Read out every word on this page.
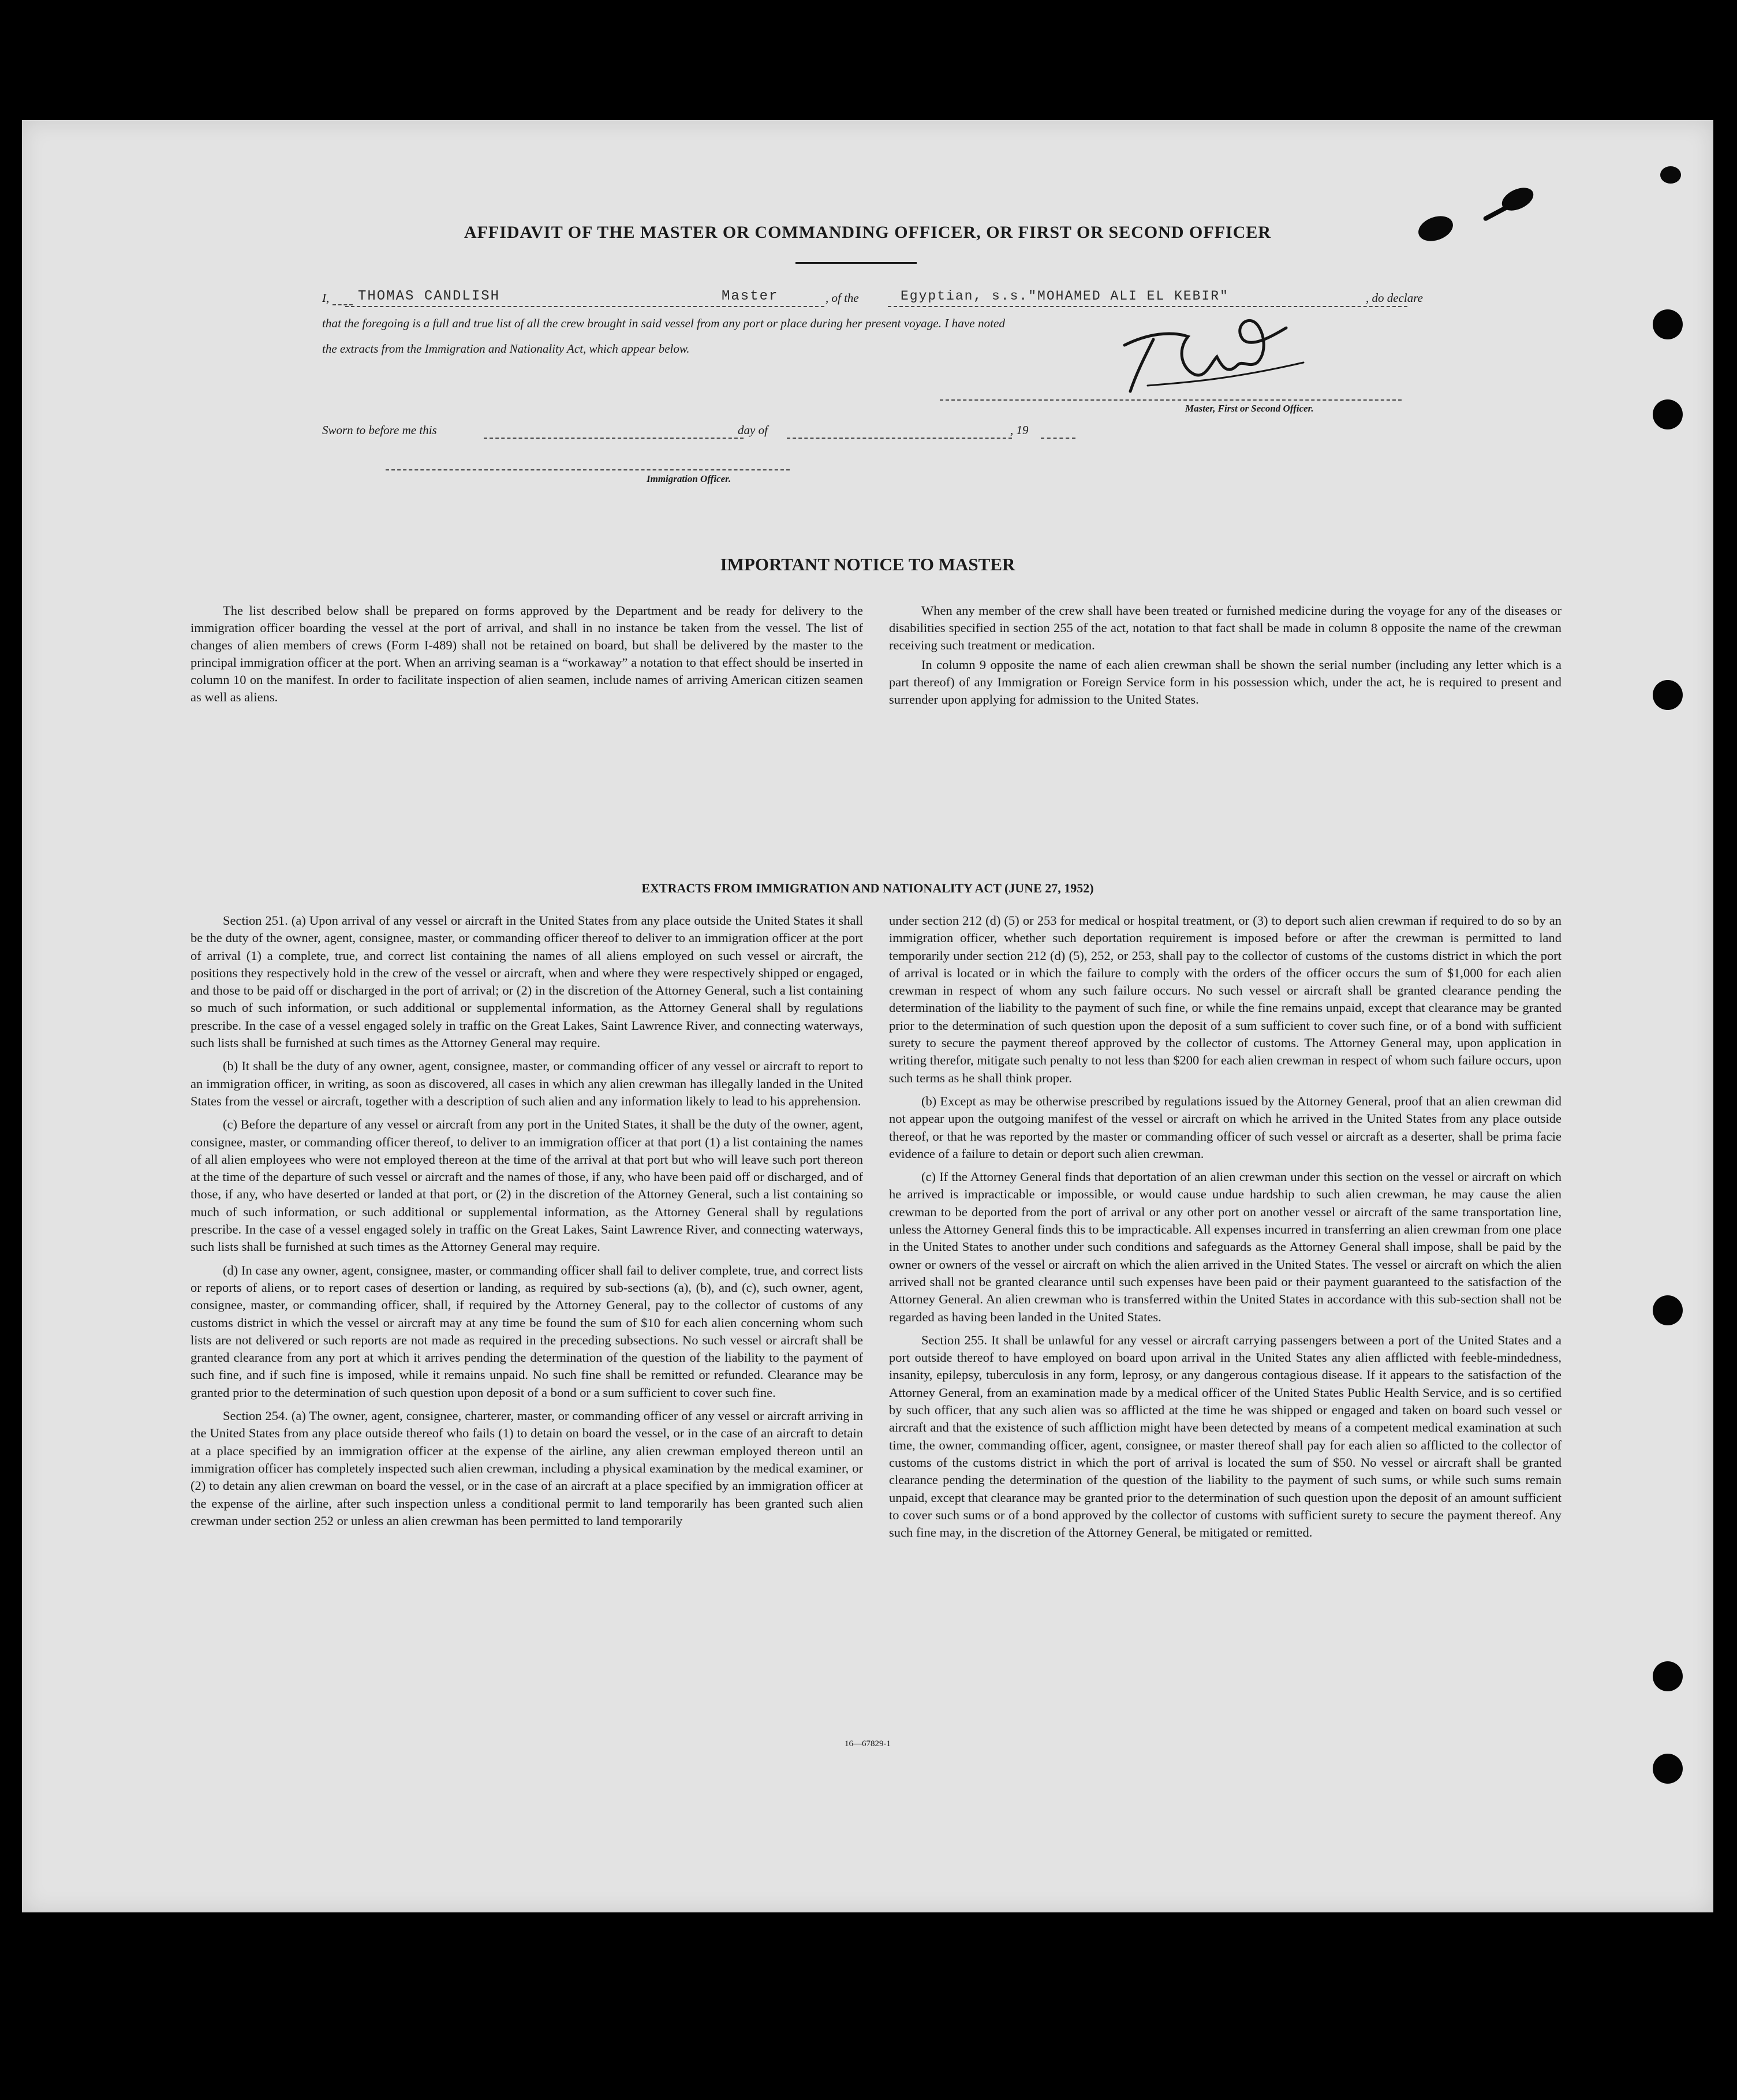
AFFIDAVIT OF THE MASTER OR COMMANDING OFFICER, OR FIRST OR SECOND OFFICER
I,	THOMAS CANDLISH	Master	, of the	Egyptian, s.s."MOHAMED ALI EL KEBIR"	, do declare
that the foregoing is a full and true list of all the crew brought in said vessel from any port or place during her present voyage. I have noted
the extracts from the Immigration and Nationality Act, which appear below.
Master, First or Second Officer.
Sworn to before me this	day of	, 19
Immigration Officer.
IMPORTANT NOTICE TO MASTER

The list described below shall be prepared on forms approved by the Department and be ready for delivery to the immigration officer boarding the vessel at the port of arrival, and shall in no instance be taken from the vessel. The list of changes of alien members of crews (Form I-489) shall not be retained on board, but shall be delivered by the master to the principal immigration officer at the port. When an arriving seaman is a “workaway” a notation to that effect should be inserted in column 10 on the manifest. In order to facilitate inspection of alien seamen, include names of arriving American citizen seamen as well as aliens.

When any member of the crew shall have been treated or furnished medicine during the voyage for any of the diseases or disabilities specified in section 255 of the act, notation to that fact shall be made in column 8 opposite the name of the crewman receiving such treatment or medication.

In column 9 opposite the name of each alien crewman shall be shown the serial number (including any letter which is a part thereof) of any Immigration or Foreign Service form in his possession which, under the act, he is required to present and surrender upon applying for admission to the United States.

EXTRACTS FROM IMMIGRATION AND NATIONALITY ACT (JUNE 27, 1952)

Section 251. (a) Upon arrival of any vessel or aircraft in the United States from any place outside the United States it shall be the duty of the owner, agent, consignee, master, or commanding officer thereof to deliver to an immigration officer at the port of arrival (1) a complete, true, and correct list containing the names of all aliens employed on such vessel or aircraft, the positions they respectively hold in the crew of the vessel or aircraft, when and where they were respectively shipped or engaged, and those to be paid off or discharged in the port of arrival; or (2) in the discretion of the Attorney General, such a list containing so much of such information, or such additional or supplemental information, as the Attorney General shall by regulations prescribe. In the case of a vessel engaged solely in traffic on the Great Lakes, Saint Lawrence River, and connecting waterways, such lists shall be furnished at such times as the Attorney General may require.

(b) It shall be the duty of any owner, agent, consignee, master, or commanding officer of any vessel or aircraft to report to an immigration officer, in writing, as soon as discovered, all cases in which any alien crewman has illegally landed in the United States from the vessel or aircraft, together with a description of such alien and any information likely to lead to his apprehension.

(c) Before the departure of any vessel or aircraft from any port in the United States, it shall be the duty of the owner, agent, consignee, master, or commanding officer thereof, to deliver to an immigration officer at that port (1) a list containing the names of all alien employees who were not employed thereon at the time of the arrival at that port but who will leave such port thereon at the time of the departure of such vessel or aircraft and the names of those, if any, who have been paid off or discharged, and of those, if any, who have deserted or landed at that port, or (2) in the discretion of the Attorney General, such a list containing so much of such information, or such additional or supplemental information, as the Attorney General shall by regulations prescribe. In the case of a vessel engaged solely in traffic on the Great Lakes, Saint Lawrence River, and connecting waterways, such lists shall be furnished at such times as the Attorney General may require.

(d) In case any owner, agent, consignee, master, or commanding officer shall fail to deliver complete, true, and correct lists or reports of aliens, or to report cases of desertion or landing, as required by sub-sections (a), (b), and (c), such owner, agent, consignee, master, or commanding officer, shall, if required by the Attorney General, pay to the collector of customs of any customs district in which the vessel or aircraft may at any time be found the sum of $10 for each alien concerning whom such lists are not delivered or such reports are not made as required in the preceding subsections. No such vessel or aircraft shall be granted clearance from any port at which it arrives pending the determination of the question of the liability to the payment of such fine, and if such fine is imposed, while it remains unpaid. No such fine shall be remitted or refunded. Clearance may be granted prior to the determination of such question upon deposit of a bond or a sum sufficient to cover such fine.

Section 254. (a) The owner, agent, consignee, charterer, master, or commanding officer of any vessel or aircraft arriving in the United States from any place outside thereof who fails (1) to detain on board the vessel, or in the case of an aircraft to detain at a place specified by an immigration officer at the expense of the airline, any alien crewman employed thereon until an immigration officer has completely inspected such alien crewman, including a physical examination by the medical examiner, or (2) to detain any alien crewman on board the vessel, or in the case of an aircraft at a place specified by an immigration officer at the expense of the airline, after such inspection unless a conditional permit to land temporarily has been granted such alien crewman under section 252 or unless an alien crewman has been permitted to land temporarily

under section 212 (d) (5) or 253 for medical or hospital treatment, or (3) to deport such alien crewman if required to do so by an immigration officer, whether such deportation requirement is imposed before or after the crewman is permitted to land temporarily under section 212 (d) (5), 252, or 253, shall pay to the collector of customs of the customs district in which the port of arrival is located or in which the failure to comply with the orders of the officer occurs the sum of $1,000 for each alien crewman in respect of whom any such failure occurs. No such vessel or aircraft shall be granted clearance pending the determination of the liability to the payment of such fine, or while the fine remains unpaid, except that clearance may be granted prior to the determination of such question upon the deposit of a sum sufficient to cover such fine, or of a bond with sufficient surety to secure the payment thereof approved by the collector of customs. The Attorney General may, upon application in writing therefor, mitigate such penalty to not less than $200 for each alien crewman in respect of whom such failure occurs, upon such terms as he shall think proper.

(b) Except as may be otherwise prescribed by regulations issued by the Attorney General, proof that an alien crewman did not appear upon the outgoing manifest of the vessel or aircraft on which he arrived in the United States from any place outside thereof, or that he was reported by the master or commanding officer of such vessel or aircraft as a deserter, shall be prima facie evidence of a failure to detain or deport such alien crewman.

(c) If the Attorney General finds that deportation of an alien crewman under this section on the vessel or aircraft on which he arrived is impracticable or impossible, or would cause undue hardship to such alien crewman, he may cause the alien crewman to be deported from the port of arrival or any other port on another vessel or aircraft of the same transportation line, unless the Attorney General finds this to be impracticable. All expenses incurred in transferring an alien crewman from one place in the United States to another under such conditions and safeguards as the Attorney General shall impose, shall be paid by the owner or owners of the vessel or aircraft on which the alien arrived in the United States. The vessel or aircraft on which the alien arrived shall not be granted clearance until such expenses have been paid or their payment guaranteed to the satisfaction of the Attorney General. An alien crewman who is transferred within the United States in accordance with this sub-section shall not be regarded as having been landed in the United States.

Section 255. It shall be unlawful for any vessel or aircraft carrying passengers between a port of the United States and a port outside thereof to have employed on board upon arrival in the United States any alien afflicted with feeble-mindedness, insanity, epilepsy, tuberculosis in any form, leprosy, or any dangerous contagious disease. If it appears to the satisfaction of the Attorney General, from an examination made by a medical officer of the United States Public Health Service, and is so certified by such officer, that any such alien was so afflicted at the time he was shipped or engaged and taken on board such vessel or aircraft and that the existence of such affliction might have been detected by means of a competent medical examination at such time, the owner, commanding officer, agent, consignee, or master thereof shall pay for each alien so afflicted to the collector of customs of the customs district in which the port of arrival is located the sum of $50. No vessel or aircraft shall be granted clearance pending the determination of the question of the liability to the payment of such sums, or while such sums remain unpaid, except that clearance may be granted prior to the determination of such question upon the deposit of an amount sufficient to cover such sums or of a bond approved by the collector of customs with sufficient surety to secure the payment thereof. Any such fine may, in the discretion of the Attorney General, be mitigated or remitted.

16—67829-1
